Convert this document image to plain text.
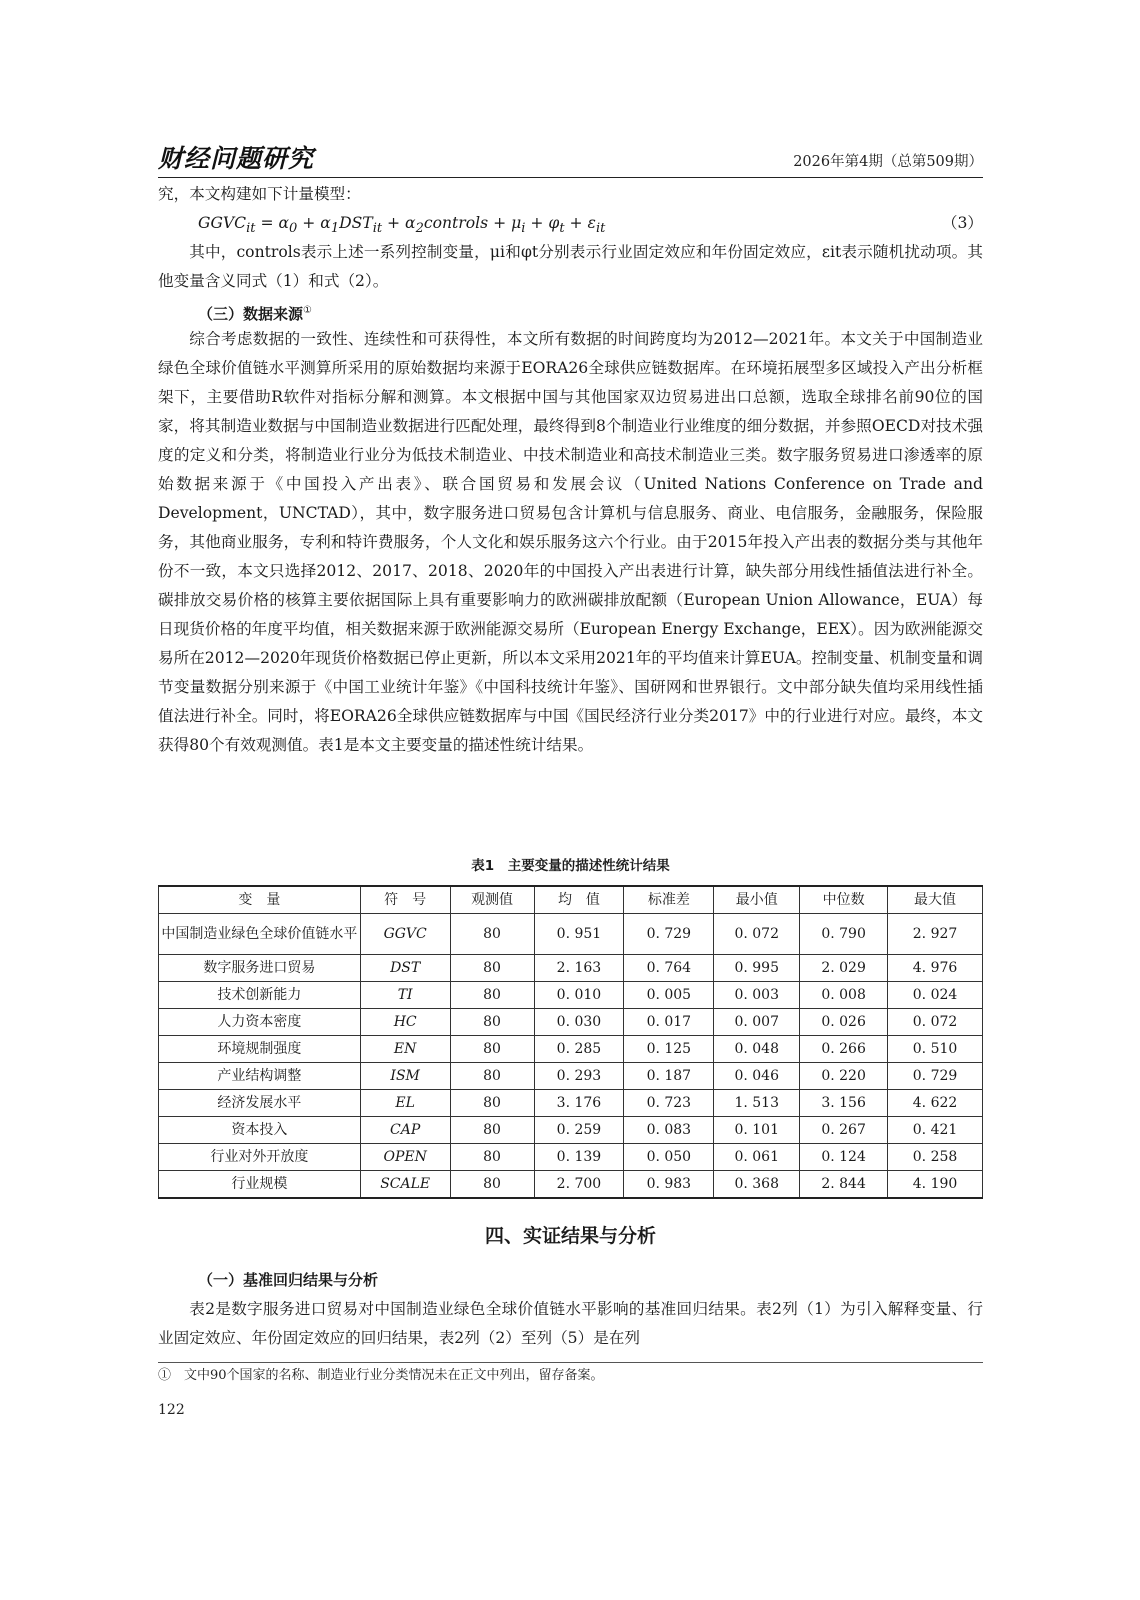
财经问题研究	2026年第4期（总第509期）
究，本文构建如下计量模型：
$GGVC_{it} = \alpha_0 + \alpha_1DST_{it}$ + $\alpha_2controls + \mu_i + \varphi_t + \varepsilon_{it}$	（3）

其中，controls表示上述一系列控制变量，μi和φt分别表示行业固定效应和年份固定效应，εit表示随机扰动项。其他变量含义同式（1）和式（2）。

（三）数据来源①

综合考虑数据的一致性、连续性和可获得性，本文所有数据的时间跨度均为2012—2021年。本文关于中国制造业绿色全球价值链水平测算所采用的原始数据均来源于EORA26全球供应链数据库。在环境拓展型多区域投入产出分析框架下，主要借助R软件对指标分解和测算。本文根据中国与其他国家双边贸易进出口总额，选取全球排名前90位的国家，将其制造业数据与中国制造业数据进行匹配处理，最终得到8个制造业行业维度的细分数据，并参照OECD对技术强度的定义和分类，将制造业行业分为低技术制造业、中技术制造业和高技术制造业三类。数字服务贸易进口渗透率的原始数据来源于《中国投入产出表》、联合国贸易和发展会议（United Nations Conference on Trade and Development，UNCTAD），其中，数字服务进口贸易包含计算机与信息服务、商业、电信服务，金融服务，保险服务，其他商业服务，专利和特许费服务，个人文化和娱乐服务这六个行业。由于2015年投入产出表的数据分类与其他年份不一致，本文只选择2012、2017、2018、2020年的中国投入产出表进行计算，缺失部分用线性插值法进行补全。碳排放交易价格的核算主要依据国际上具有重要影响力的欧洲碳排放配额（European Union Allowance，EUA）每日现货价格的年度平均值，相关数据来源于欧洲能源交易所（European Energy Exchange，EEX）。因为欧洲能源交易所在2012—2020年现货价格数据已停止更新，所以本文采用2021年的平均值来计算EUA。控制变量、机制变量和调节变量数据分别来源于《中国工业统计年鉴》《中国科技统计年鉴》、国研网和世界银行。文中部分缺失值均采用线性插值法进行补全。同时，将EORA26全球供应链数据库与中国《国民经济行业分类2017》中的行业进行对应。最终，本文获得80个有效观测值。表1是本文主要变量的描述性统计结果。

表1　主要变量的描述性统计结果
变　量	符　号	观测值	均　值	标准差	最小值	中位数	最大值
中国制造业绿色全球价值链水平	GGVC	80	0. 951	0. 729	0. 072	0. 790	2. 927
数字服务进口贸易	DST	80	2. 163	0. 764	0. 995	2. 029	4. 976
技术创新能力	TI	80	0. 010	0. 005	0. 003	0. 008	0. 024
人力资本密度	HC	80	0. 030	0. 017	0. 007	0. 026	0. 072
环境规制强度	EN	80	0. 285	0. 125	0. 048	0. 266	0. 510
产业结构调整	ISM	80	0. 293	0. 187	0. 046	0. 220	0. 729
经济发展水平	EL	80	3. 176	0. 723	1. 513	3. 156	4. 622
资本投入	CAP	80	0. 259	0. 083	0. 101	0. 267	0. 421
行业对外开放度	OPEN	80	0. 139	0. 050	0. 061	0. 124	0. 258
行业规模	SCALE	80	2. 700	0. 983	0. 368	2. 844	4. 190
四、实证结果与分析
（一）基准回归结果与分析

表2是数字服务进口贸易对中国制造业绿色全球价值链水平影响的基准回归结果。表2列（1）为引入解释变量、行业固定效应、年份固定效应的回归结果，表2列（2）至列（5）是在列

①　文中90个国家的名称、制造业行业分类情况未在正文中列出，留存备案。
122
